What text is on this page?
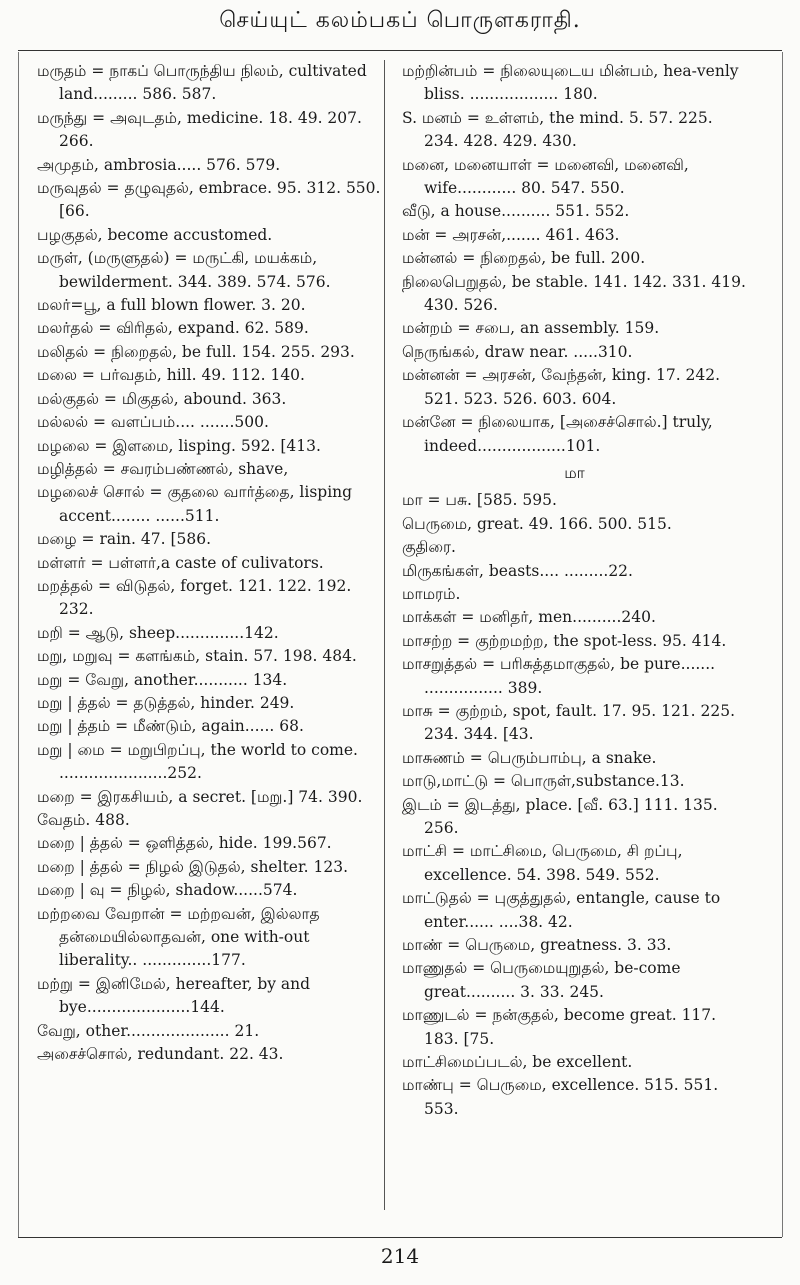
செய்யுட் கலம்பகப் பொருளகராதி.

மருதம் = நாகப் பொருந்திய நிலம், cultivated land......... 586. 587.

மருந்து = அவுடதம், medicine. 18. 49. 207. 266.

அமுதம், ambrosia..... 576. 579.

மருவுதல் = தழுவுதல், embrace. 95. 312. 550. [66.

பழகுதல், become accustomed.

மருள், (மருளுதல்) = மருட்கி, மயக்கம், bewilderment. 344. 389. 574. 576.

மலர்=பூ, a full blown flower. 3. 20.

மலர்தல் = விரிதல், expand. 62. 589.

மலிதல் = நிறைதல், be full. 154. 255. 293.

மலை = பர்வதம், hill. 49. 112. 140.

மல்குதல் = மிகுதல், abound. 363.

மல்லல் = வளப்பம்.... .......500.

மழலை = இளமை, lisping. 592. [413.

மழித்தல் = சவரம்பண்ணல், shave,

மழலைச் சொல் = குதலை வார்த்தை, lisping accent........ ......511.

மழை = rain. 47. [586.

மள்ளர் = பள்ளர்,a caste of culivators.

மறத்தல் = விடுதல், forget. 121. 122. 192. 232.

மறி = ஆடு, sheep..............142.

மறு, மறுவு = களங்கம், stain. 57. 198. 484.

மறு = வேறு, another........... 134.

மறு | த்தல் = தடுத்தல், hinder. 249.

மறு | த்தம் = மீண்டும், again...... 68.

மறு | மை = மறுபிறப்பு, the world to come. ......................252.

மறை = இரகசியம், a secret. [மறு.] 74. 390.

வேதம். 488.

மறை | த்தல் = ஒளித்தல், hide. 199.567.

மறை | த்தல் = நிழல் இடுதல், shelter. 123.

மறை | வு = நிழல், shadow......574.

மற்றவை வேறான் = மற்றவன், இல்லாத தன்மையில்லாதவன், one with-out liberality.. ..............177.

மற்று = இனிமேல், hereafter, by and bye.....................144.

வேறு, other..................... 21.

அசைச்சொல், redundant. 22. 43.

மற்றின்பம் = நிலையுடைய மின்பம், hea-venly bliss. .................. 180.

S. மனம் = உள்ளம், the mind. 5. 57. 225. 234. 428. 429. 430.

மனை, மனையாள் = மனைவி, மனைவி, wife............ 80. 547. 550.

வீடு, a house.......... 551. 552.

மன் = அரசன்,....... 461. 463.

மன்னல் = நிறைதல், be full. 200.

நிலைபெறுதல், be stable. 141. 142. 331. 419. 430. 526.

மன்றம் = சபை, an assembly. 159.

நெருங்கல், draw near. .....310.

மன்னன் = அரசன், வேந்தன், king. 17. 242. 521. 523. 526. 603. 604.

மன்னே = நிலையாக, [அசைச்சொல்.] truly, indeed..................101.

மா

மா = பசு. [585. 595.

பெருமை, great. 49. 166. 500. 515.

குதிரை.

மிருகங்கள், beasts.... .........22.

மாமரம்.

மாக்கள் = மனிதர், men..........240.

மாசற்ற = குற்றமற்ற, the spot-less. 95. 414.

மாசறுத்தல் = பரிசுத்தமாகுதல், be pure....... ................ 389.

மாசு = குற்றம், spot, fault. 17. 95. 121. 225. 234. 344. [43.

மாசுணம் = பெரும்பாம்பு, a snake.

மாடு,மாட்டு = பொருள்,substance.13.

இடம் = இடத்து, place. [வீ. 63.] 111. 135. 256.

மாட்சி = மாட்சிமை, பெருமை, சி றப்பு, excellence. 54. 398. 549. 552.

மாட்டுதல் = புகுத்துதல், entangle, cause to enter...... ....38. 42.

மாண் = பெருமை, greatness. 3. 33.

மாணுதல் = பெருமையுறுதல், be-come great.......... 3. 33. 245.

மாணுடல் = நன்குதல், become great. 117. 183. [75.

மாட்சிமைப்படல், be excellent.

மாண்பு = பெருமை, excellence. 515. 551. 553.

214
